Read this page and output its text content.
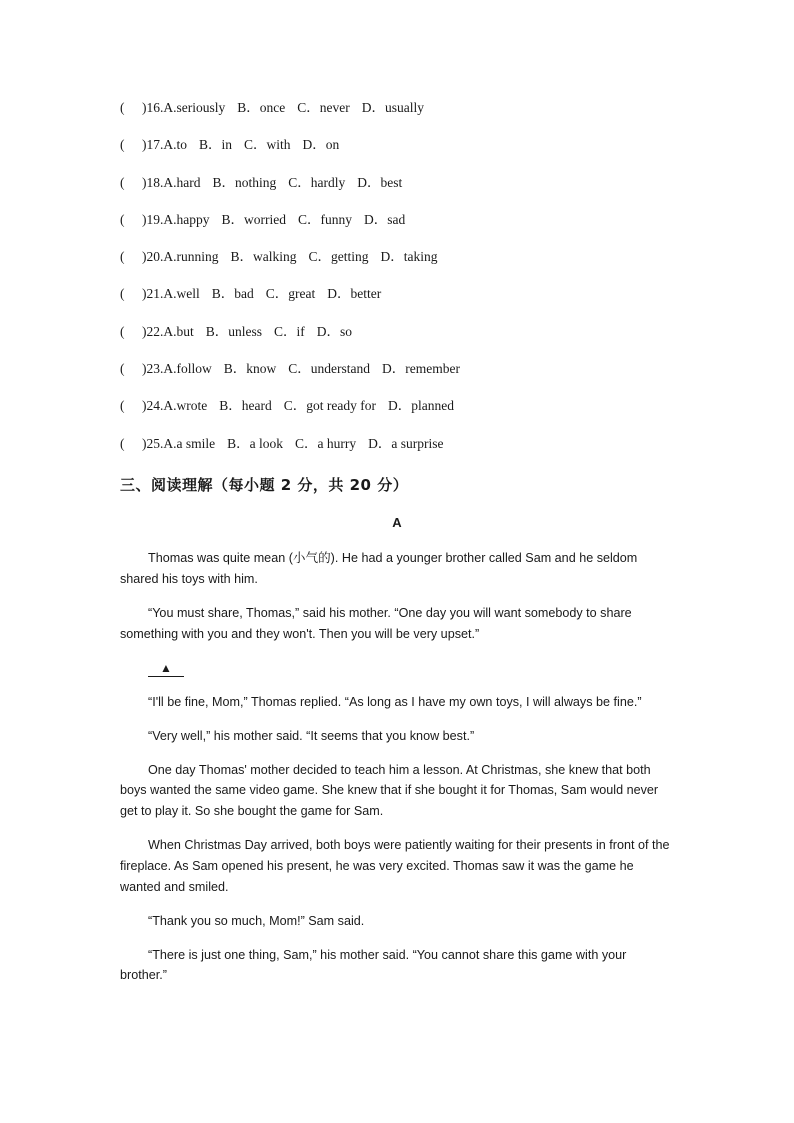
( )16.A.seriously B．once C．never D．usually
( )17.A.to B．in C．with D．on
( )18.A.hard B．nothing C．hardly D．best
( )19.A.happy B．worried C．funny D．sad
( )20.A.running B．walking C．getting D．taking
( )21.A.well B．bad C．great D．better
( )22.A.but B．unless C．if D．so
( )23.A.follow B．know C．understand D．remember
( )24.A.wrote B．heard C．got ready for D．planned
( )25.A.a smile B．a look C．a hurry D．a surprise
三、阅读理解（每小题 2 分，共 20 分）
A

Thomas was quite mean (小气的). He had a younger brother called Sam and he seldom shared his toys with him.

“You must share, Thomas,” said his mother. “One day you will want somebody to share something with you and they won't. Then you will be very upset.”

▲

“I'll be fine, Mom,” Thomas replied. “As long as I have my own toys, I will always be fine.”

“Very well,” his mother said. “It seems that you know best.”

One day Thomas' mother decided to teach him a lesson. At Christmas, she knew that both boys wanted the same video game. She knew that if she bought it for Thomas, Sam would never get to play it. So she bought the game for Sam.

When Christmas Day arrived, both boys were patiently waiting for their presents in front of the fireplace. As Sam opened his present, he was very excited. Thomas saw it was the game he wanted and smiled.

“Thank you so much, Mom!” Sam said.

“There is just one thing, Sam,” his mother said. “You cannot share this game with your brother.”
